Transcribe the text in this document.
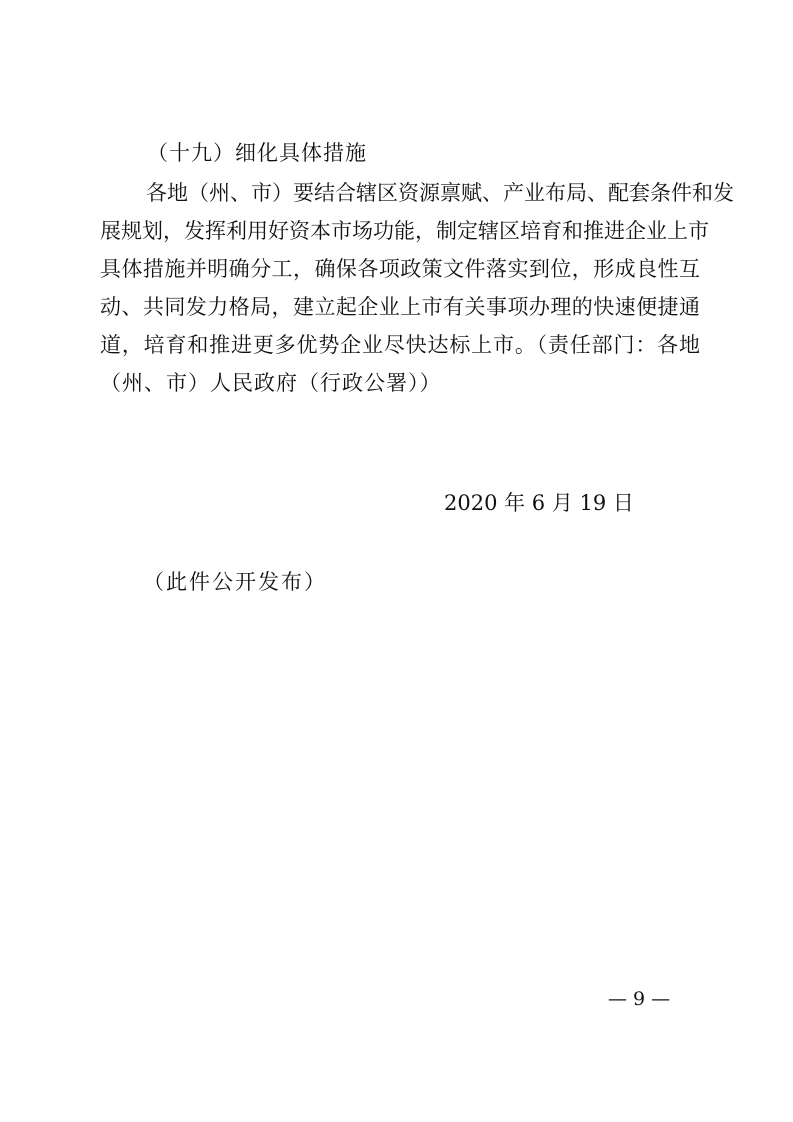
（十九）细化具体措施
各地（州、市）要结合辖区资源禀赋、产业布局、配套条件和发
展规划，发挥利用好资本市场功能，制定辖区培育和推进企业上市
具体措施并明确分工，确保各项政策文件落实到位，形成良性互
动、共同发力格局，建立起企业上市有关事项办理的快速便捷通
道，培育和推进更多优势企业尽快达标上市。（责任部门：各地
（州、市）人民政府（行政公署））
2020 年 6 月 19 日
（此件公开发布）
— 9 —
